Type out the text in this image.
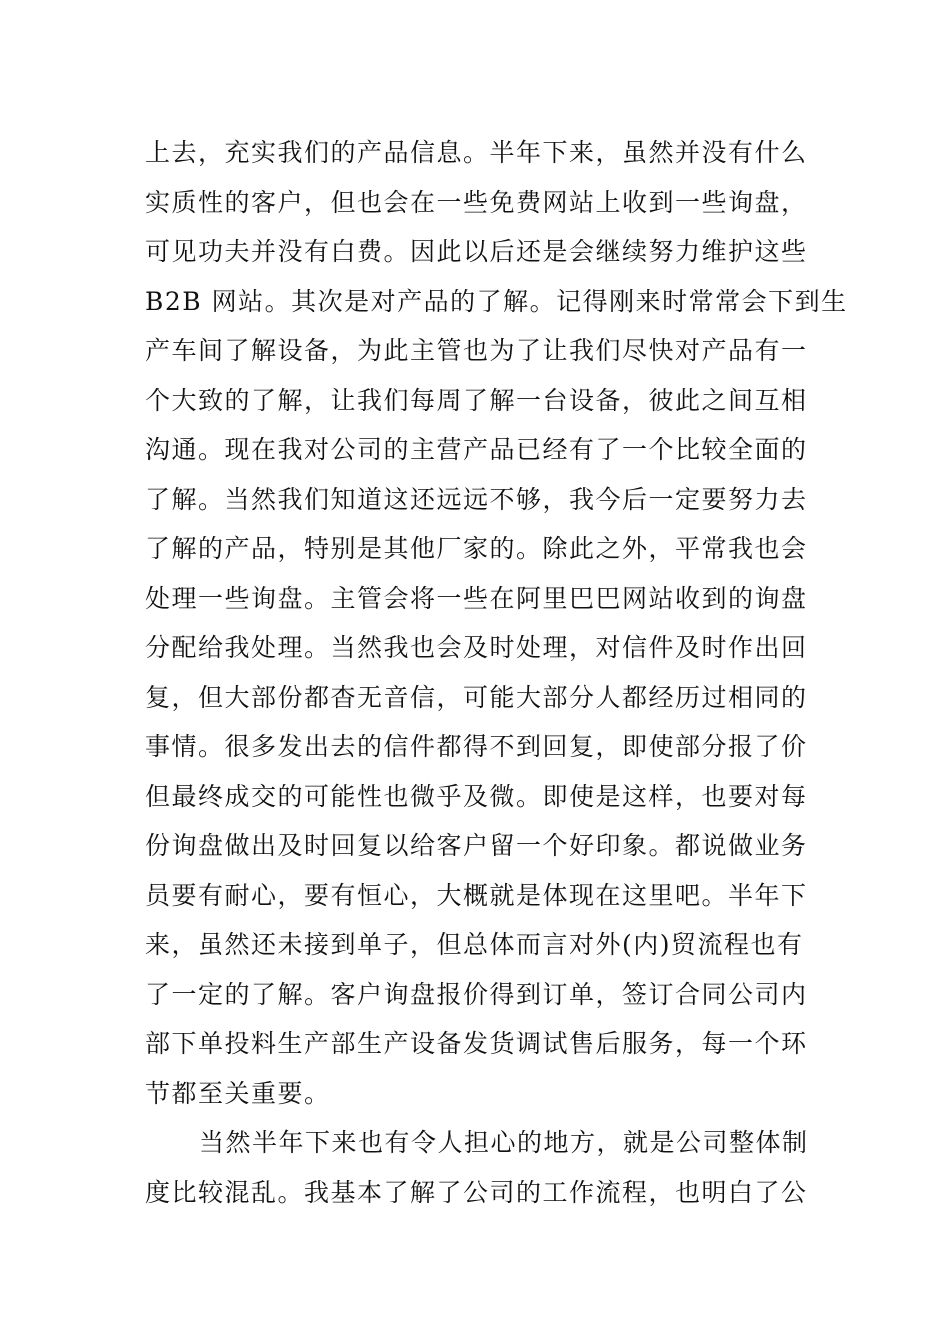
上去，充实我们的产品信息。半年下来，虽然并没有什么
实质性的客户，但也会在一些免费网站上收到一些询盘，
可见功夫并没有白费。因此以后还是会继续努力维护这些
B2B 网站。其次是对产品的了解。记得刚来时常常会下到生
产车间了解设备，为此主管也为了让我们尽快对产品有一
个大致的了解，让我们每周了解一台设备，彼此之间互相
沟通。现在我对公司的主营产品已经有了一个比较全面的
了解。当然我们知道这还远远不够，我今后一定要努力去
了解的产品，特别是其他厂家的。除此之外，平常我也会
处理一些询盘。主管会将一些在阿里巴巴网站收到的询盘
分配给我处理。当然我也会及时处理，对信件及时作出回
复，但大部份都杳无音信，可能大部分人都经历过相同的
事情。很多发出去的信件都得不到回复，即使部分报了价
但最终成交的可能性也微乎及微。即使是这样，也要对每
份询盘做出及时回复以给客户留一个好印象。都说做业务
员要有耐心，要有恒心，大概就是体现在这里吧。半年下
来，虽然还未接到单子，但总体而言对外(内)贸流程也有
了一定的了解。客户询盘报价得到订单，签订合同公司内
部下单投料生产部生产设备发货调试售后服务，每一个环
节都至关重要。
当然半年下来也有令人担心的地方，就是公司整体制
度比较混乱。我基本了解了公司的工作流程，也明白了公
